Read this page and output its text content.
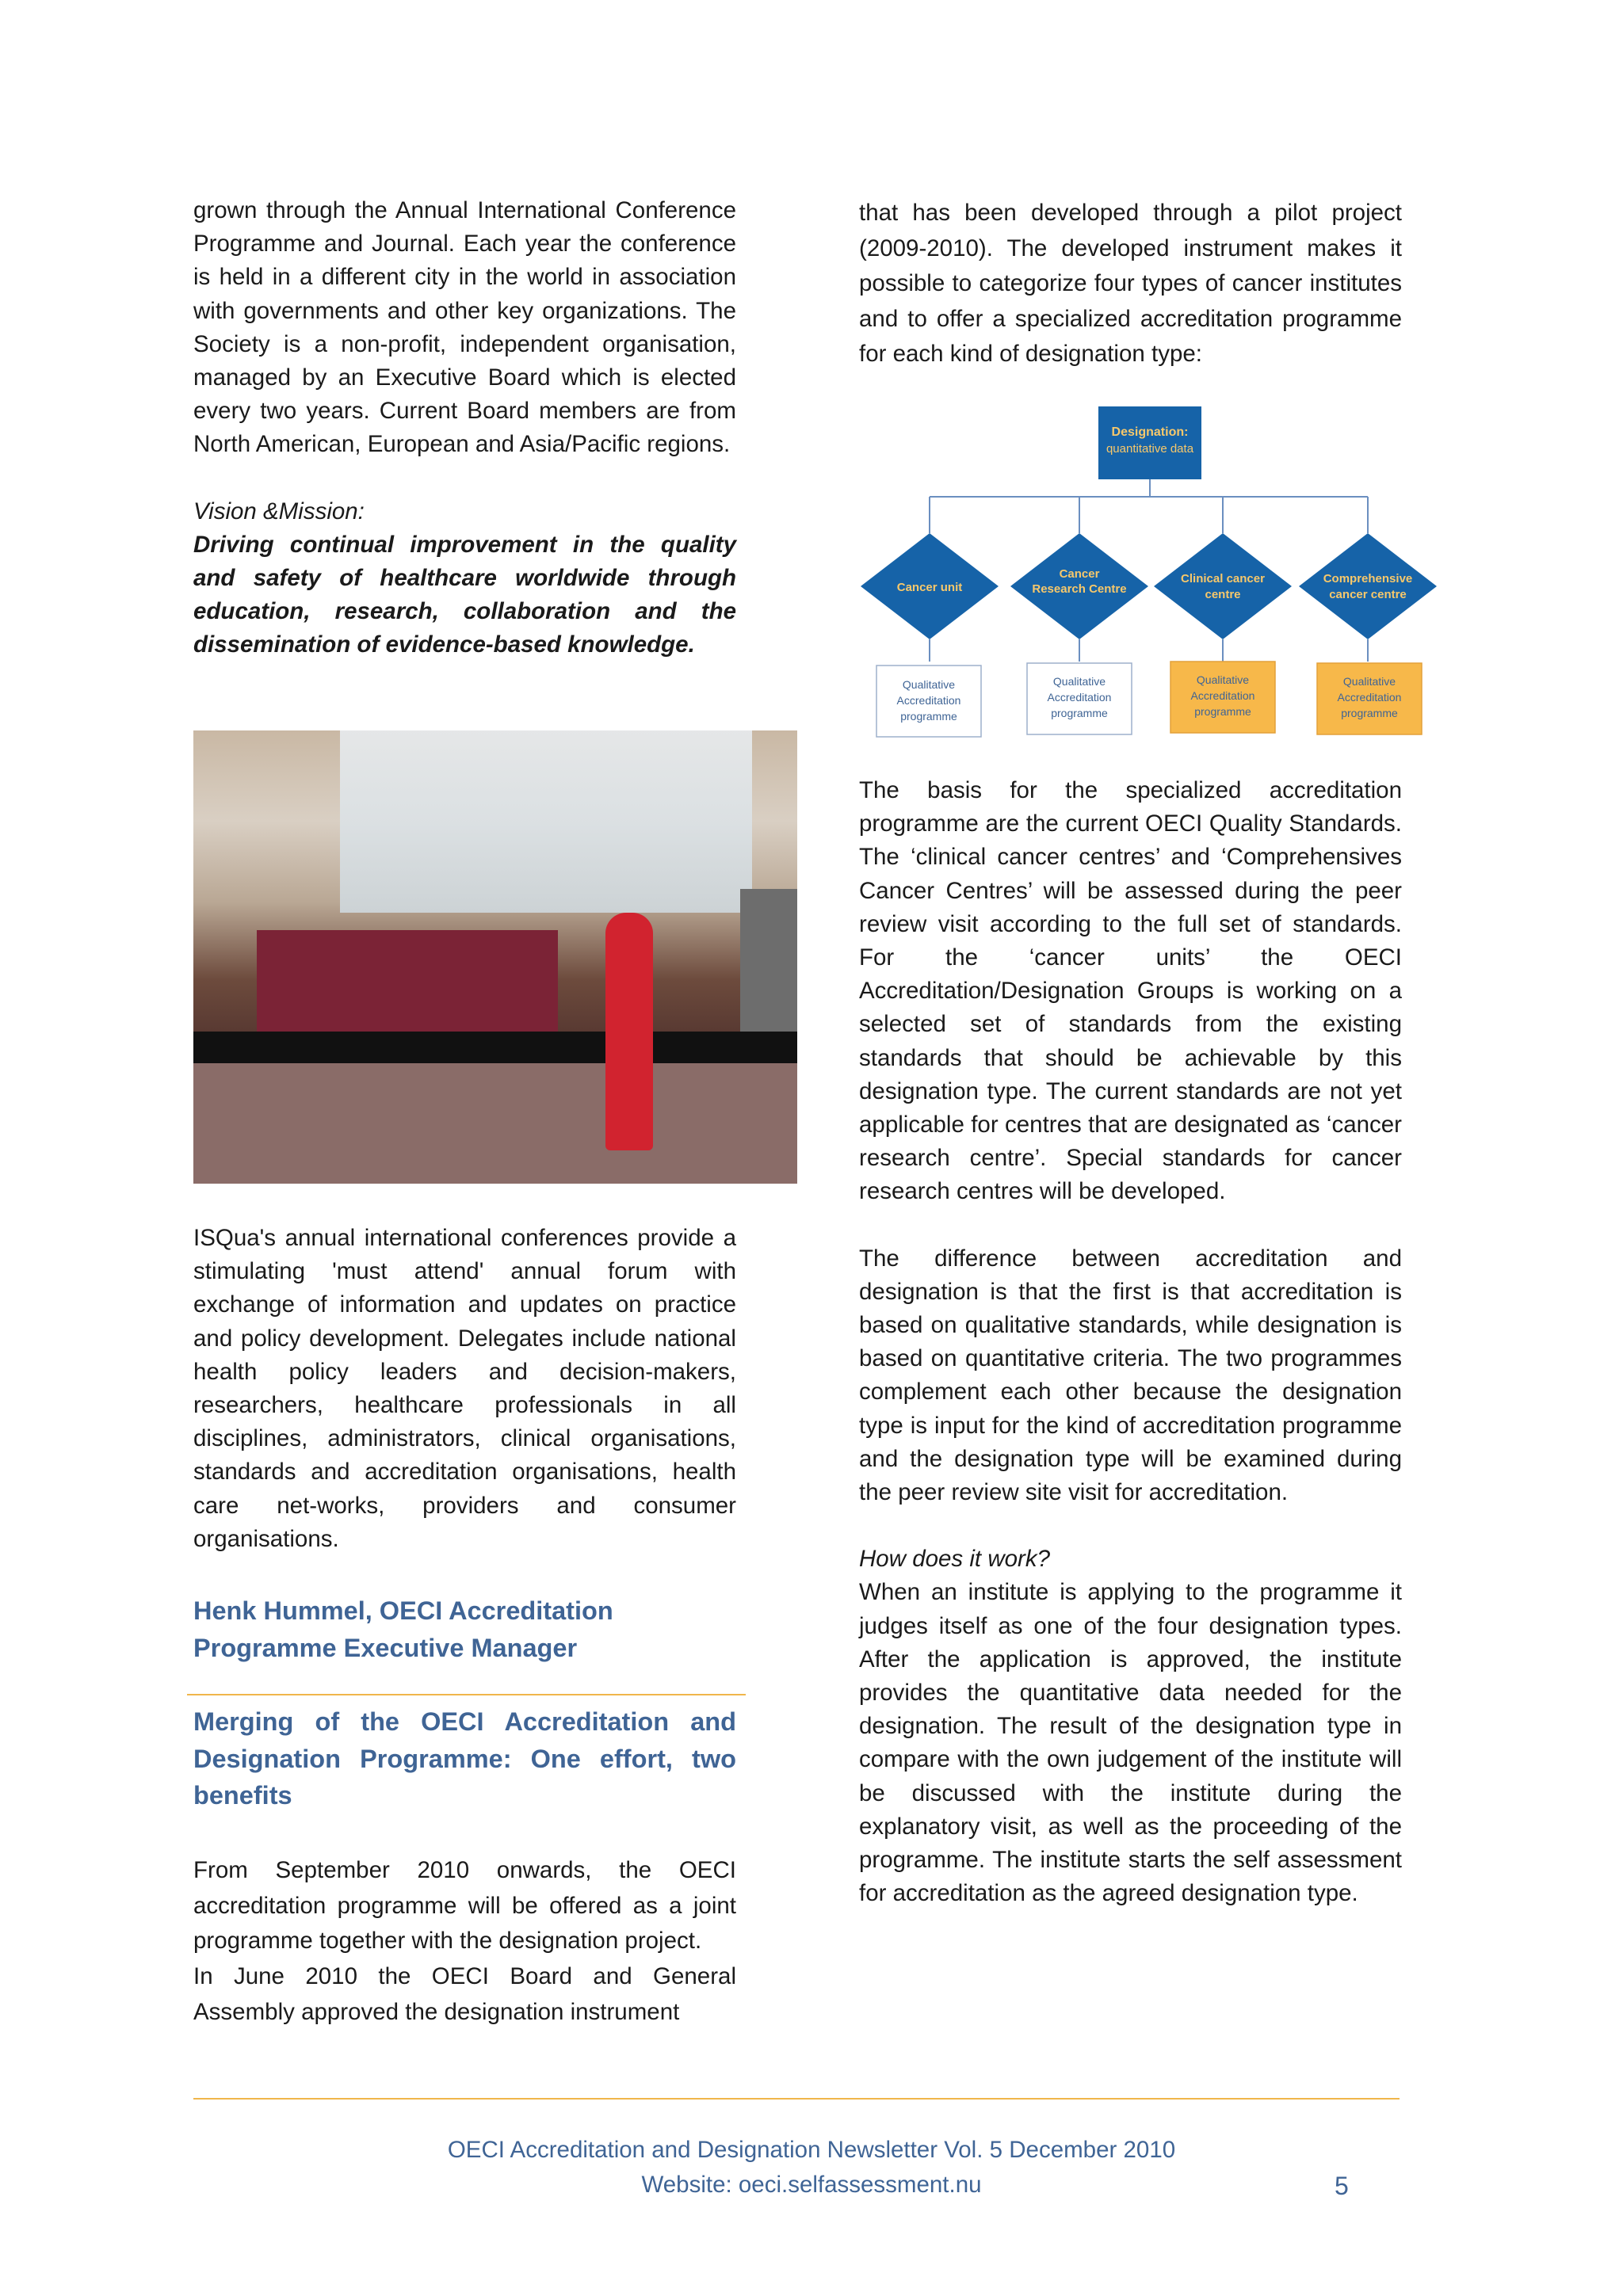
grown through the Annual International Conference Programme and Journal. Each year the conference is held in a different city in the world in association with governments and other key organizations. The Society is a non-profit, independent organisation, managed by an Executive Board which is elected every two years. Current Board members are from North American, European and Asia/Pacific regions.

Vision &Mission:

Driving continual improvement in the quality and safety of healthcare worldwide through education, research, collaboration and the dissemination of evidence-based knowledge.

ISQua's annual international conferences provide a stimulating 'must attend' annual forum with exchange of information and updates on practice and policy development. Delegates include national health policy leaders and decision-makers, researchers, healthcare professionals in all disciplines, administrators, clinical organisations, standards and accreditation organisations, health care net-works, providers and consumer organisations.

Henk Hummel, OECI Accreditation
Programme Executive Manager

Merging of the OECI Accreditation and Designation Programme: One effort, two benefits

From September 2010 onwards, the OECI accreditation programme will be offered as a joint programme together with the designation project.

In June 2010 the OECI Board and General Assembly approved the designation instrument

that has been developed through a pilot project (2009-2010). The developed instrument makes it possible to categorize four types of cancer institutes and to offer a specialized accreditation programme for each kind of designation type:

Designation:
quantitative data
Cancer unit
Cancer Research Centre
Clinical cancer centre
Comprehensive cancer centre
Qualitative Accreditation programme
Qualitative Accreditation programme
Qualitative Accreditation programme
Qualitative Accreditation programme

The basis for the specialized accreditation programme are the current OECI Quality Standards. The ‘clinical cancer centres’ and ‘Comprehensives Cancer Centres’ will be assessed during the peer review visit according to the full set of standards. For the ‘cancer units’ the OECI Accreditation/Designation Groups is working on a selected set of standards from the existing standards that should be achievable by this designation type. The current standards are not yet applicable for centres that are designated as ‘cancer research centre’. Special standards for cancer research centres will be developed.

The difference between accreditation and designation is that the first is that accreditation is based on qualitative standards, while designation is based on quantitative criteria. The two programmes complement each other because the designation type is input for the kind of accreditation programme and the designation type will be examined during the peer review site visit for accreditation.

How does it work?

When an institute is applying to the programme it judges itself as one of the four designation types. After the application is approved, the institute provides the quantitative data needed for the designation. The result of the designation type in compare with the own judgement of the institute will be discussed with the institute during the explanatory visit, as well as the proceeding of the programme. The institute starts the self assessment for accreditation as the agreed designation type.

OECI Accreditation and Designation Newsletter Vol. 5 December 2010
Website: oeci.selfassessment.nu	5
